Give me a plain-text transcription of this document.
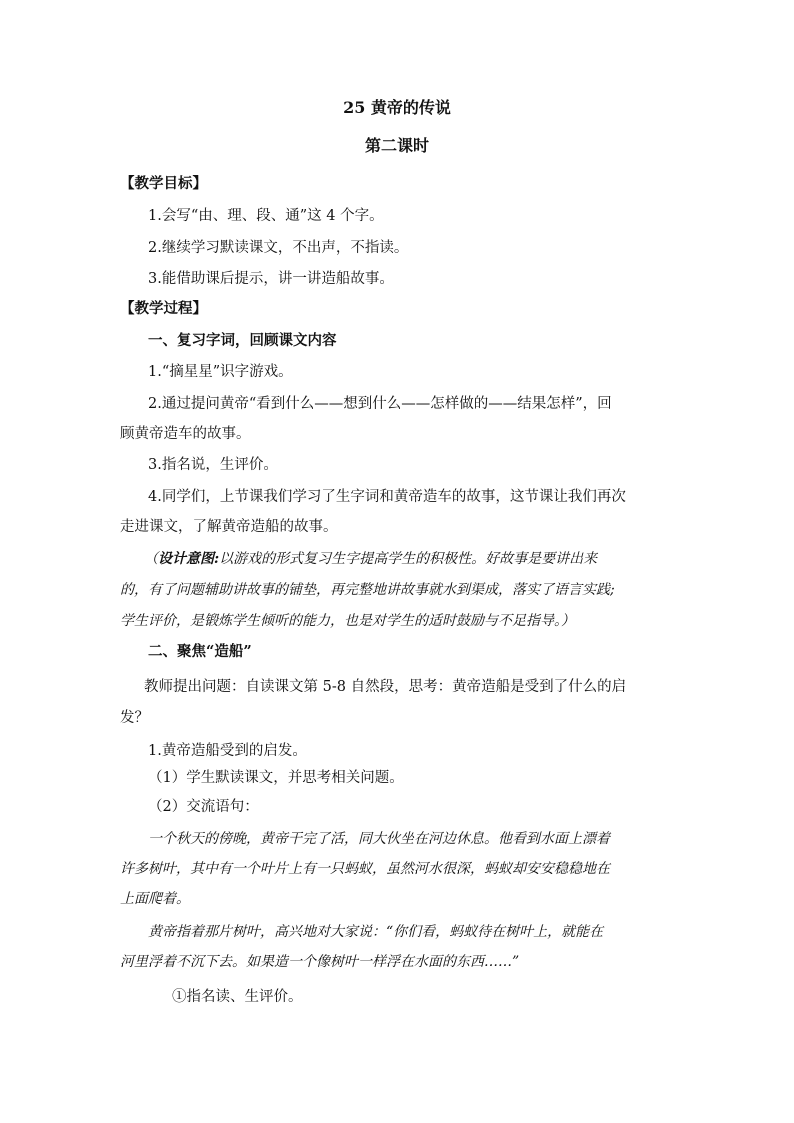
25 黄帝的传说
第二课时
【教学目标】
1.会写“由、理、段、通”这 4 个字。
2.继续学习默读课文，不出声，不指读。
3.能借助课后提示，讲一讲造船故事。
【教学过程】
一、复习字词，回顾课文内容
1.“摘星星”识字游戏。
2.通过提问黄帝“看到什么——想到什么——怎样做的——结果怎样”，回
顾黄帝造车的故事。
3.指名说，生评价。
4.同学们，上节课我们学习了生字词和黄帝造车的故事，这节课让我们再次
走进课文，了解黄帝造船的故事。
（设计意图:以游戏的形式复习生字提高学生的积极性。好故事是要讲出来
的，有了问题辅助讲故事的铺垫，再完整地讲故事就水到渠成，落实了语言实践;
学生评价，是锻炼学生倾听的能力，也是对学生的适时鼓励与不足指导。）
二、聚焦“造船”
教师提出问题：自读课文第 5-8 自然段，思考：黄帝造船是受到了什么的启
发？
1.黄帝造船受到的启发。
（1）学生默读课文，并思考相关问题。
（2）交流语句：
一个秋天的傍晚，黄帝干完了活，同大伙坐在河边休息。他看到水面上漂着
许多树叶，其中有一个叶片上有一只蚂蚁，虽然河水很深，蚂蚁却安安稳稳地在
上面爬着。
黄帝指着那片树叶，高兴地对大家说：“你们看，蚂蚁待在树叶上，就能在
河里浮着不沉下去。如果造一个像树叶一样浮在水面的东西……”
①指名读、生评价。
